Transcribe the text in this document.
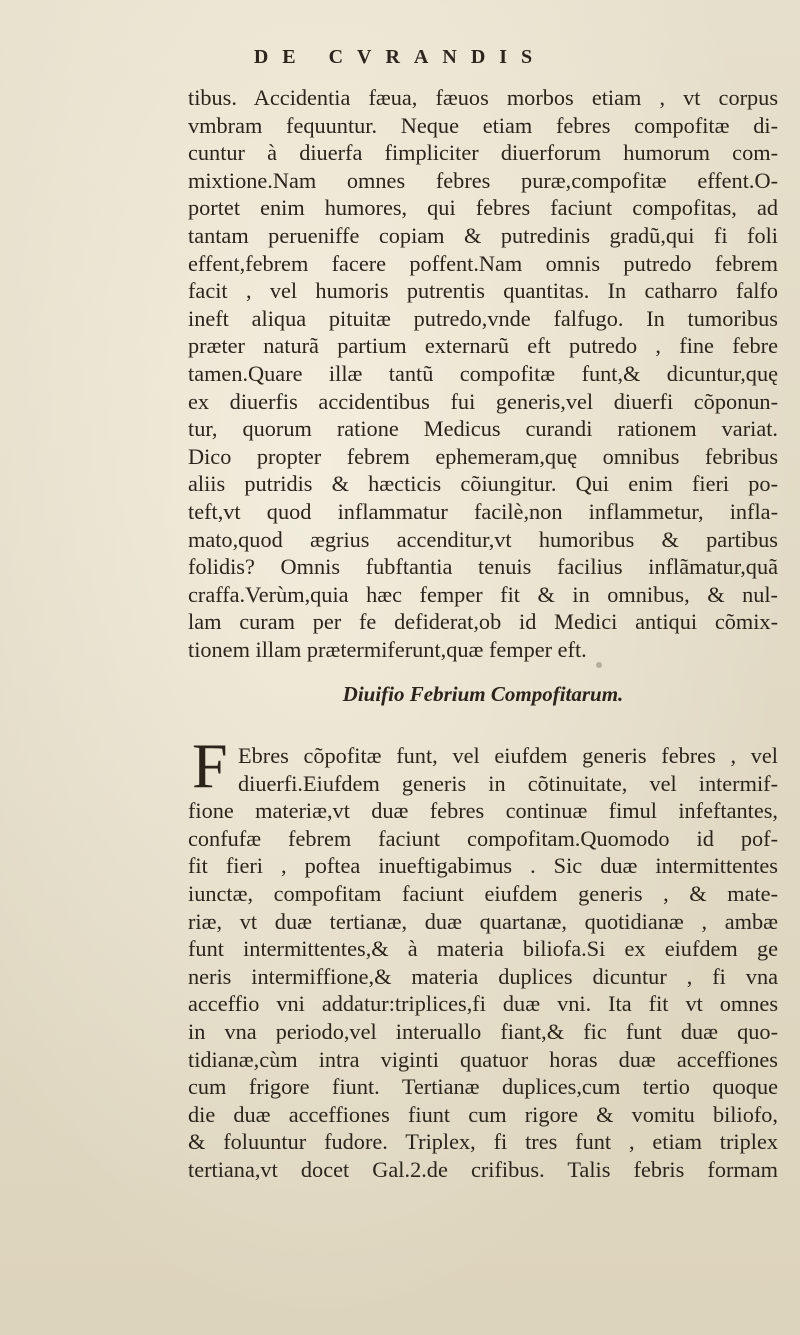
DE CVRANDIS
tibus. Accidentia fæua, fæuos morbos etiam , vt corpus
vmbram fequuntur. Neque etiam febres compofitæ di-
cuntur à diuerfa fimpliciter diuerforum humorum com-
mixtione.Nam omnes febres puræ,compofitæ effent.O-
portet enim humores, qui febres faciunt compofitas, ad
tantam perueniffe copiam & putredinis gradũ,qui fi foli
effent,febrem facere poffent.Nam omnis putredo febrem
facit , vel humoris putrentis quantitas. In catharro falfo
ineft aliqua pituitæ putredo,vnde falfugo. In tumoribus
præter naturã partium externarũ eft putredo , fine febre
tamen.Quare illæ tantũ compofitæ funt,& dicuntur,quę
ex diuerfis accidentibus fui generis,vel diuerfi cõponun-
tur, quorum ratione Medicus curandi rationem variat.
Dico propter febrem ephemeram,quę omnibus febribus
aliis putridis & hæcticis cõiungitur. Qui enim fieri po-
teft,vt quod inflammatur facilè,non inflammetur, infla-
mato,quod ægrius accenditur,vt humoribus & partibus
folidis? Omnis fubftantia tenuis facilius inflãmatur,quã
craffa.Verùm,quia hæc femper fit & in omnibus, & nul-
lam curam per fe defiderat,ob id Medici antiqui cõmix-
tionem illam prætermiferunt,quæ femper eft.
Diuifio Febrium Compofitarum.
F Ebres cõpofitæ funt, vel eiufdem generis febres , vel
diuerfi.Eiufdem generis in cõtinuitate, vel intermif-
fione materiæ,vt duæ febres continuæ fimul infeftantes,
confufæ febrem faciunt compofitam.Quomodo id pof-
fit fieri , poftea inueftigabimus . Sic duæ intermittentes
iunctæ, compofitam faciunt eiufdem generis , & mate-
riæ, vt duæ tertianæ, duæ quartanæ, quotidianæ , ambæ
funt intermittentes,& à materia biliofa.Si ex eiufdem ge
neris intermiffione,& materia duplices dicuntur , fi vna
acceffio vni addatur:triplices,fi duæ vni. Ita fit vt omnes
in vna periodo,vel interuallo fiant,& fic funt duæ quo-
tidianæ,cùm intra viginti quatuor horas duæ acceffiones
cum frigore fiunt. Tertianæ duplices,cum tertio quoque
die duæ acceffiones fiunt cum rigore & vomitu biliofo,
& foluuntur fudore. Triplex, fi tres funt , etiam triplex
tertiana,vt docet Gal.2.de crifibus. Talis febris formam
